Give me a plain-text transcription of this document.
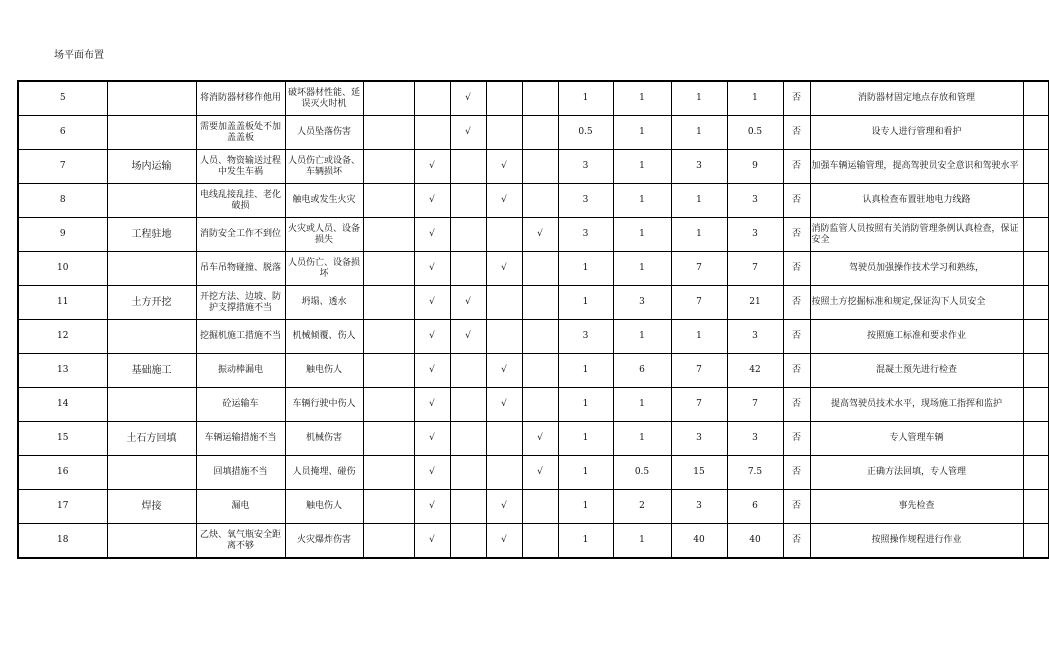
场平面布置
5		将消防器材移作他用	破坏器材性能、延误灭火时机			√			1	1	1	1	否	消防器材固定地点存放和管理	
6		需要加盖盖板处不加盖盖板	人员坠落伤害			√			0.5	1	1	0.5	否	设专人进行管理和看护	
7	场内运输	人员、物资输送过程中发生车祸	人员伤亡或设备、车辆损坏		√		√		3	1	3	9	否	加强车辆运输管理，提高驾驶员安全意识和驾驶水平	
8		电线乱接乱挂、老化破损	触电或发生火灾		√		√		3	1	1	3	否	认真检查布置驻地电力线路	
9	工程驻地	消防安全工作不到位	火灾或人员、设备损失		√			√	3	1	1	3	否	消防监管人员按照有关消防管理条例认真检查，保证安全	
10		吊车吊物碰撞、脱落	人员伤亡、设备损坏		√		√		1	1	7	7	否	驾驶员加强操作技术学习和熟练，	
11	土方开挖	开挖方法、边坡、防护支撑措施不当	坍塌、透水		√	√			1	3	7	21	否	按照土方挖掘标准和规定,保证沟下人员安全	
12		挖掘机施工措施不当	机械倾覆、伤人		√	√			3	1	1	3	否	按照施工标准和要求作业	
13	基础施工	振动棒漏电	触电伤人		√		√		1	6	7	42	否	混凝土预先进行检查	
14		砼运输车	车辆行驶中伤人		√		√		1	1	7	7	否	提高驾驶员技术水平，现场施工指挥和监护	
15	土石方回填	车辆运输措施不当	机械伤害		√			√	1	1	3	3	否	专人管理车辆	
16		回填措施不当	人员掩埋、碰伤		√			√	1	0.5	15	7.5	否	正确方法回填，专人管理	
17	焊接	漏电	触电伤人		√		√		1	2	3	6	否	事先检查	
18		乙炔、氧气瓶安全距离不够	火灾爆炸伤害		√		√		1	1	40	40	否	按照操作规程进行作业	
